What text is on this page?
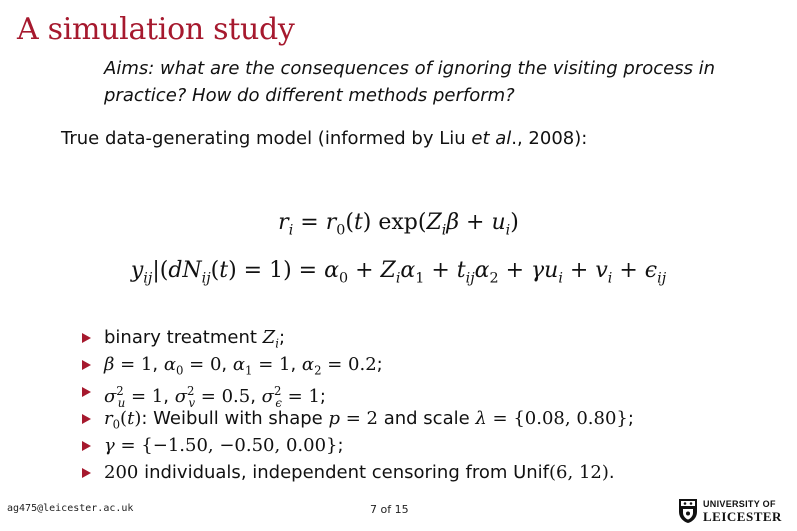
A simulation study
Aims: what are the consequences of ignoring the visiting process in practice? How do different methods perform?
True data-generating model (informed by Liu et al., 2008):
$r_i = r_0(t) \exp(Z_i\beta + u_i)$
$y_{ij}|(dN_{ij}(t) = 1) = \alpha_0 + Z_i\alpha_1 + t_{ij}\alpha_2 + \gamma u_i + v_i + \epsilon_{ij}$
binary treatment $Z_i$;
β = 1, $\alpha_0 = 0$, $\alpha_1 = 1$, $\alpha_2 = 0.2$;
$\sigma^2_u = 1$, $\sigma^2_v = 0.5$, $\sigma^2_\epsilon = 1$;
$r_0(t)$: Weibull with shape p = 2 and scale λ = {0.08, 0.80};
γ = {−1.50, −0.50, 0.00};
200 individuals, independent censoring from Unif(6, 12).
ag475@leicester.ac.uk	7 of 15	UNIVERSITY OF
LEICESTER
